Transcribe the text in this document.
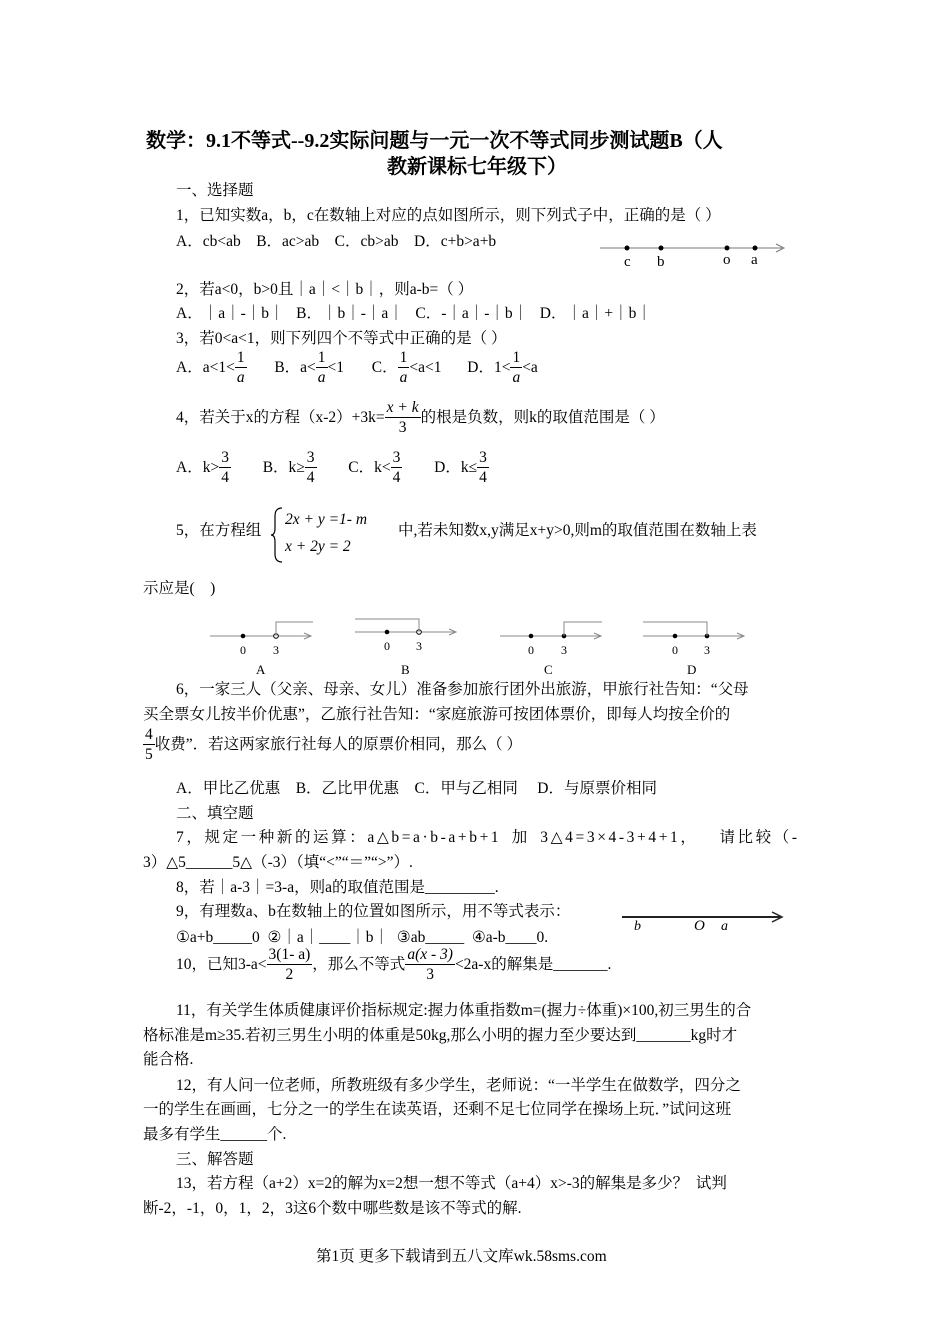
数学：9.1不等式--9.2实际问题与一元一次不等式同步测试题B（人
教新课标七年级下）
一、选择题
1，已知实数a，b，c在数轴上对应的点如图所示，则下列式子中，正确的是（ ）
A．cb<ab    B．ac>ab    C．cb>ab    D．c+b>a+b
c b	o a
2，若a<0，b>0且｜a｜<｜b｜，则a-b=（ ）
A．｜a｜-｜b｜   B．｜b｜-｜a｜   C．-｜a｜-｜b｜   D．｜a｜+｜b｜
3，若0<a<1，则下列四个不等式中正确的是（ ）
A．$a<1< \frac{1}{a}$ B．$a< \frac{1}{a} <1$ C． $\frac{1}{a} <a<1$ D．$1< \frac{1}{a} <a$
4，若关于x的方程$(x-2)+3k= \frac{x + k}{3}$ 的根是负数，则k的取值范围是（ ）
A．$k> \frac{3}{4}$ B．$k\ge \frac{3}{4}$ C．$k< \frac{3}{4}$ D．$k\le \frac{3}{4}$
5，在方程组
2x + y =1- m
x + 2y = 2
中,若未知数x,y满足x+y>0,则m的取值范围在数轴上表
示应是(    )
0 3
A
0 3
B
0 3
C
0 3
D
6，一家三人（父亲、母亲、女儿）准备参加旅行团外出旅游，甲旅行社告知：“父母
买全票女儿按半价优惠”，乙旅行社告知：“家庭旅游可按团体票价，即每人均按全价的
$\frac{4}{5}$ 收费”．若这两家旅行社每人的原票价相同，那么（ ）
A．甲比乙优惠    B．乙比甲优惠    C．甲与乙相同     D．与原票价相同
二、填空题
7，规定一种新的运算：a△b=a·b-a+b+1 加 3△4=3×4-3+4+1，  请比较（-
3）△5______5△（-3）（填“<”“＝”“>”）.
8，若｜a-3｜=3-a，则a的取值范围是_________.
9，有理数a、b在数轴上的位置如图所示，用不等式表示：
①a+b_____0  ②｜a｜____｜b｜  ③ab_____  ④a-b____0.
b	O a
10，已知$3-a< \frac{3(1- a)}{2}$ ，那么不等式 $\frac{a(x - 3)}{3} <2a-x$的解集是_______.
11，有关学生体质健康评价指标规定:握力体重指数m=(握力÷体重)×100,初三男生的合
格标准是m≥35.若初三男生小明的体重是50kg,那么小明的握力至少要达到_______kg时才
能合格.
12，有人问一位老师，所教班级有多少学生，老师说：“一半学生在做数学，四分之
一的学生在画画，七分之一的学生在读英语，还剩不足七位同学在操场上玩．”试问这班
最多有学生______个.
三、解答题
13，若方程（a+2）x=2的解为x=2想一想不等式（a+4）x>-3的解集是多少？  试判
断-2，-1，0，1，2，3这6个数中哪些数是该不等式的解.
第1页 更多下载请到五八文库wk.58sms.com
